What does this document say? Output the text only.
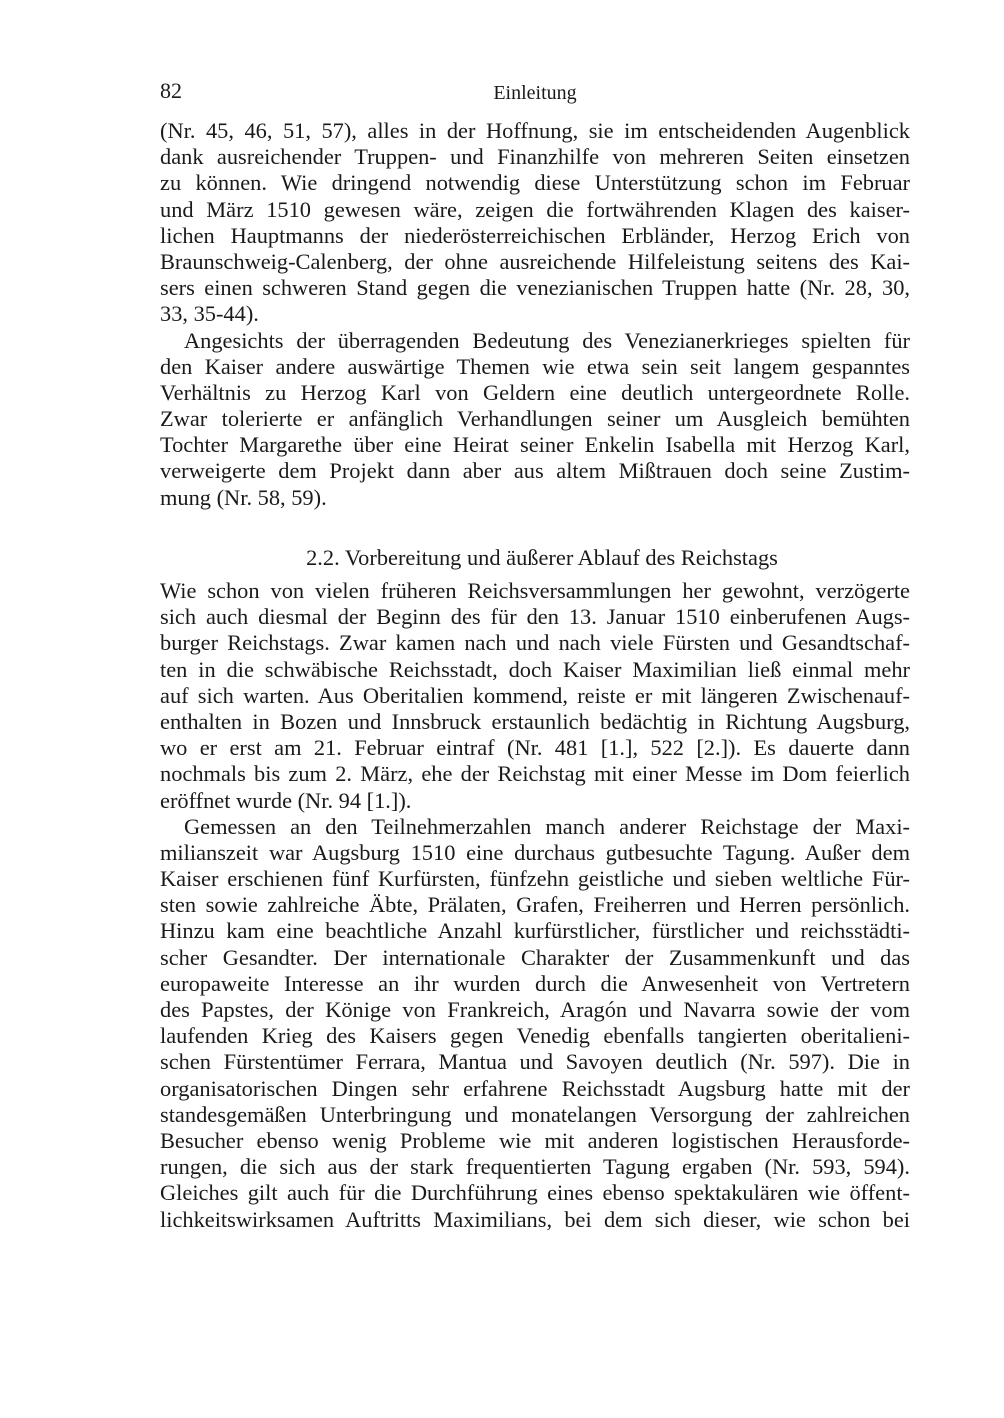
82	Einleitung
(Nr. 45, 46, 51, 57), alles in der Hoffnung, sie im entscheidenden Augenblick
dank ausreichender Truppen- und Finanzhilfe von mehreren Seiten einsetzen
zu können. Wie dringend notwendig diese Unterstützung schon im Februar
und März 1510 gewesen wäre, zeigen die fortwährenden Klagen des kaiser-
lichen Hauptmanns der niederösterreichischen Erbländer, Herzog Erich von
Braunschweig-Calenberg, der ohne ausreichende Hilfeleistung seitens des Kai-
sers einen schweren Stand gegen die venezianischen Truppen hatte (Nr. 28, 30,
33, 35-44).
Angesichts der überragenden Bedeutung des Venezianerkrieges spielten für
den Kaiser andere auswärtige Themen wie etwa sein seit langem gespanntes
Verhältnis zu Herzog Karl von Geldern eine deutlich untergeordnete Rolle.
Zwar tolerierte er anfänglich Verhandlungen seiner um Ausgleich bemühten
Tochter Margarethe über eine Heirat seiner Enkelin Isabella mit Herzog Karl,
verweigerte dem Projekt dann aber aus altem Mißtrauen doch seine Zustim-
mung (Nr. 58, 59).
2.2. Vorbereitung und äußerer Ablauf des Reichstags
Wie schon von vielen früheren Reichsversammlungen her gewohnt, verzögerte
sich auch diesmal der Beginn des für den 13. Januar 1510 einberufenen Augs-
burger Reichstags. Zwar kamen nach und nach viele Fürsten und Gesandtschaf-
ten in die schwäbische Reichsstadt, doch Kaiser Maximilian ließ einmal mehr
auf sich warten. Aus Oberitalien kommend, reiste er mit längeren Zwischenauf-
enthalten in Bozen und Innsbruck erstaunlich bedächtig in Richtung Augsburg,
wo er erst am 21. Februar eintraf (Nr. 481 [1.], 522 [2.]). Es dauerte dann
nochmals bis zum 2. März, ehe der Reichstag mit einer Messe im Dom feierlich
eröffnet wurde (Nr. 94 [1.]).
Gemessen an den Teilnehmerzahlen manch anderer Reichstage der Maxi-
milianszeit war Augsburg 1510 eine durchaus gutbesuchte Tagung. Außer dem
Kaiser erschienen fünf Kurfürsten, fünfzehn geistliche und sieben weltliche Für-
sten sowie zahlreiche Äbte, Prälaten, Grafen, Freiherren und Herren persönlich.
Hinzu kam eine beachtliche Anzahl kurfürstlicher, fürstlicher und reichsstädti-
scher Gesandter. Der internationale Charakter der Zusammenkunft und das
europaweite Interesse an ihr wurden durch die Anwesenheit von Vertretern
des Papstes, der Könige von Frankreich, Aragón und Navarra sowie der vom
laufenden Krieg des Kaisers gegen Venedig ebenfalls tangierten oberitalieni-
schen Fürstentümer Ferrara, Mantua und Savoyen deutlich (Nr. 597). Die in
organisatorischen Dingen sehr erfahrene Reichsstadt Augsburg hatte mit der
standesgemäßen Unterbringung und monatelangen Versorgung der zahlreichen
Besucher ebenso wenig Probleme wie mit anderen logistischen Herausforde-
rungen, die sich aus der stark frequentierten Tagung ergaben (Nr. 593, 594).
Gleiches gilt auch für die Durchführung eines ebenso spektakulären wie öffent-
lichkeitswirksamen Auftritts Maximilians, bei dem sich dieser, wie schon bei
